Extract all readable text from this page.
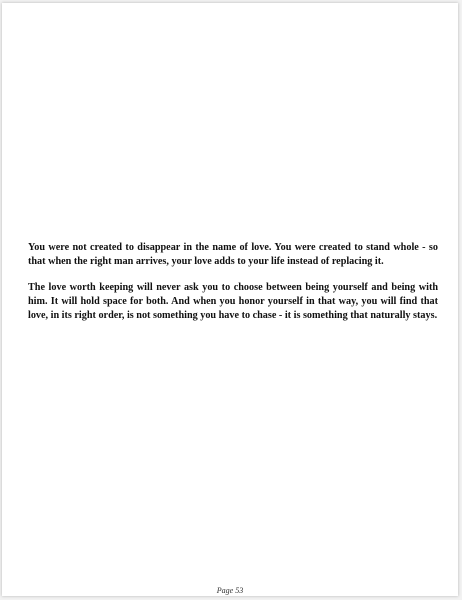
You were not created to disappear in the name of love. You were created to stand whole - so that when the right man arrives, your love adds to your life instead of replacing it.

The love worth keeping will never ask you to choose between being yourself and being with him. It will hold space for both. And when you honor yourself in that way, you will find that love, in its right order, is not something you have to chase - it is something that naturally stays.

Page 53
